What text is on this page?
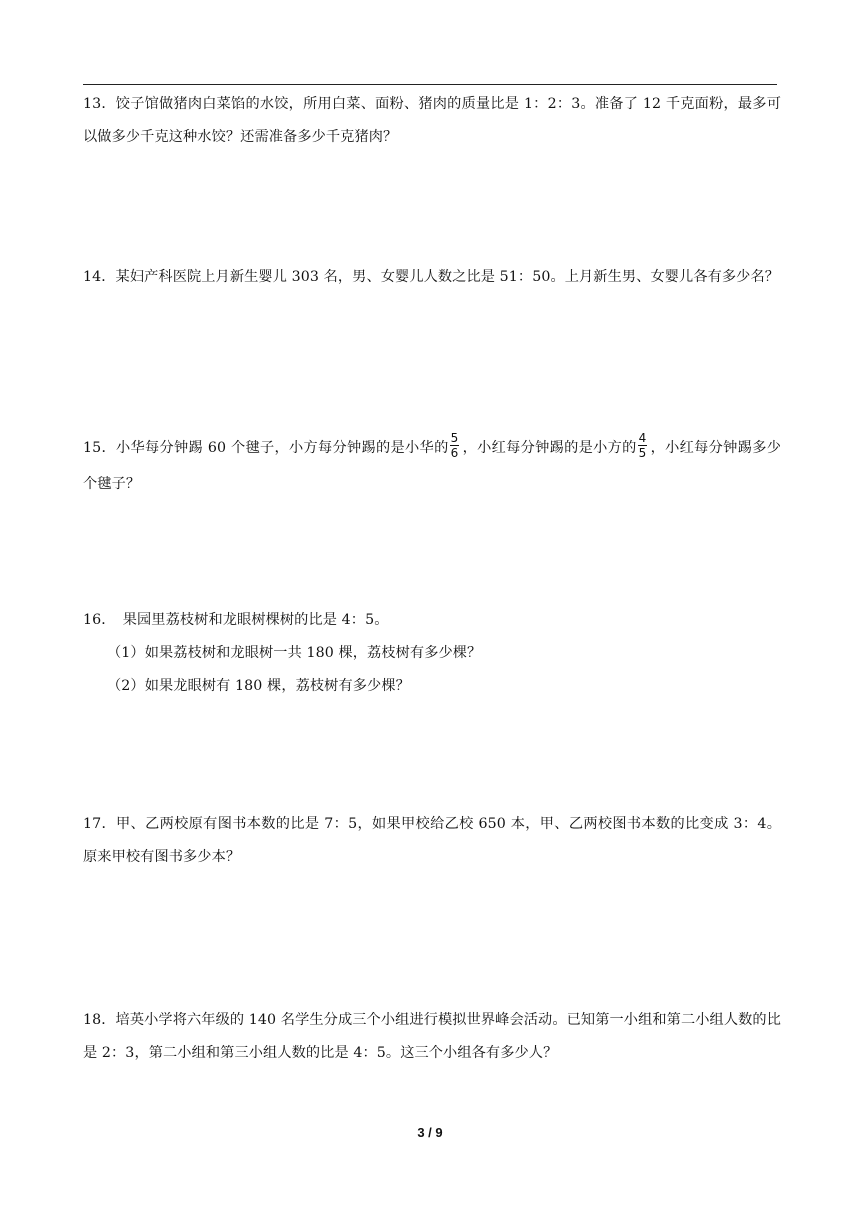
13．饺子馆做猪肉白菜馅的水饺，所用白菜、面粉、猪肉的质量比是 1：2：3。准备了 12 千克面粉，最多可以做多少千克这种水饺？还需准备多少千克猪肉？

14．某妇产科医院上月新生婴儿 303 名，男、女婴儿人数之比是 51：50。上月新生男、女婴儿各有多少名？

15．小华每分钟踢 60 个毽子，小方每分钟踢的是小华的 $\frac{5}{6}$ ，小红每分钟踢的是小方的 $\frac{4}{5}$ ，小红每分钟踢多少个毽子？

16．　果园里荔枝树和龙眼树棵树的比是 4：5。

（1）如果荔枝树和龙眼树一共 180 棵，荔枝树有多少棵？

（2）如果龙眼树有 180 棵，荔枝树有多少棵？

17．甲、乙两校原有图书本数的比是 7：5，如果甲校给乙校 650 本，甲、乙两校图书本数的比变成 3：4。原来甲校有图书多少本？

18．培英小学将六年级的 140 名学生分成三个小组进行模拟世界峰会活动。已知第一小组和第二小组人数的比是 2：3，第二小组和第三小组人数的比是 4：5。这三个小组各有多少人？

3 / 9
